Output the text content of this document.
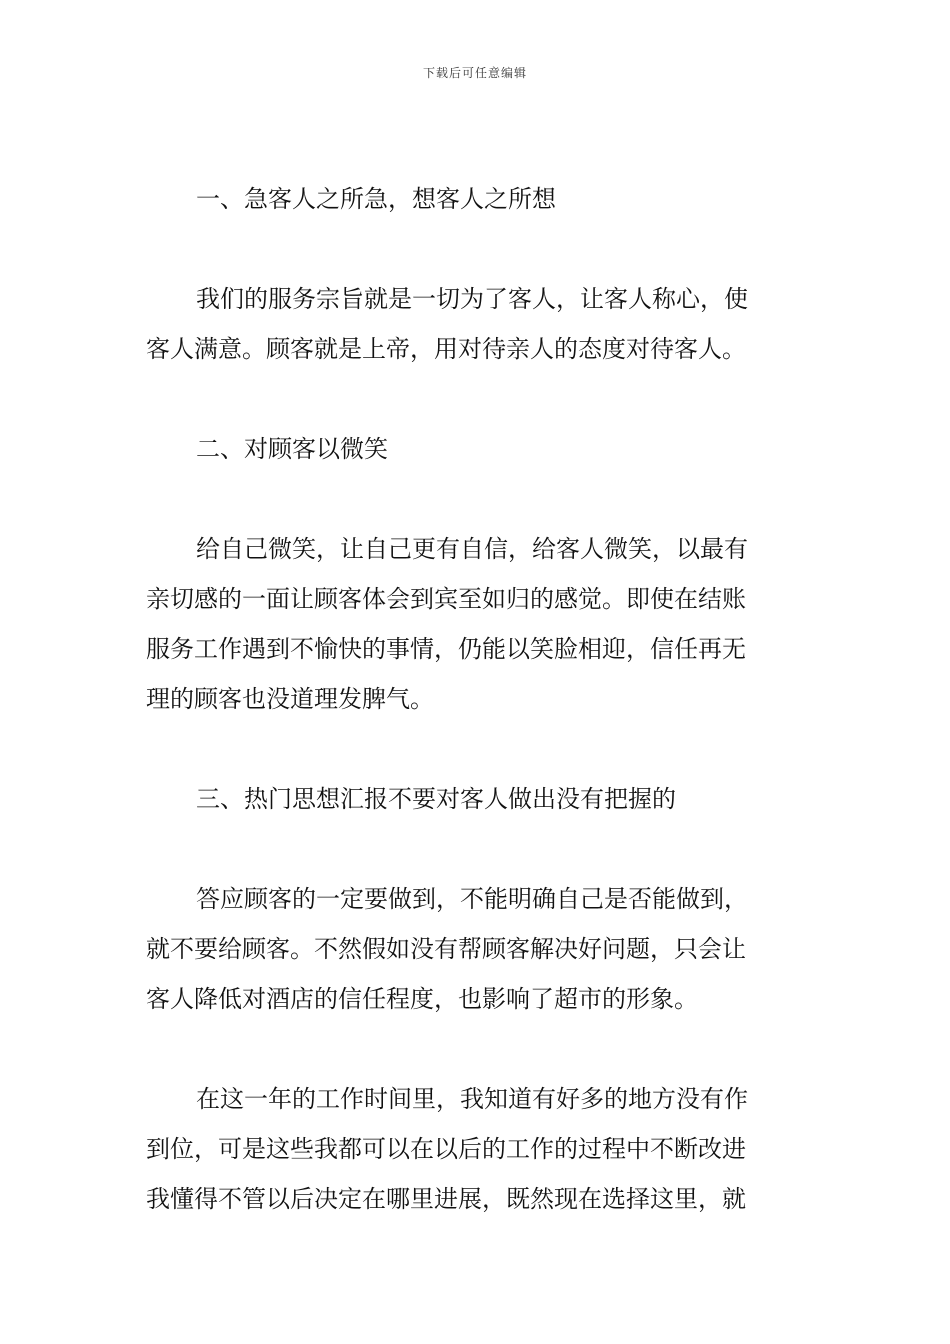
下载后可任意编辑
一、急客人之所急，想客人之所想
我们的服务宗旨就是一切为了客人，让客人称心，使
客人满意。顾客就是上帝，用对待亲人的态度对待客人。
二、对顾客以微笑
给自己微笑，让自己更有自信，给客人微笑，以最有
亲切感的一面让顾客体会到宾至如归的感觉。即使在结账
服务工作遇到不愉快的事情，仍能以笑脸相迎，信任再无
理的顾客也没道理发脾气。
三、热门思想汇报不要对客人做出没有把握的
答应顾客的一定要做到，不能明确自己是否能做到，
就不要给顾客。不然假如没有帮顾客解决好问题，只会让
客人降低对酒店的信任程度，也影响了超市的形象。
在这一年的工作时间里，我知道有好多的地方没有作
到位，可是这些我都可以在以后的工作的过程中不断改进
我懂得不管以后决定在哪里进展，既然现在选择这里，就
